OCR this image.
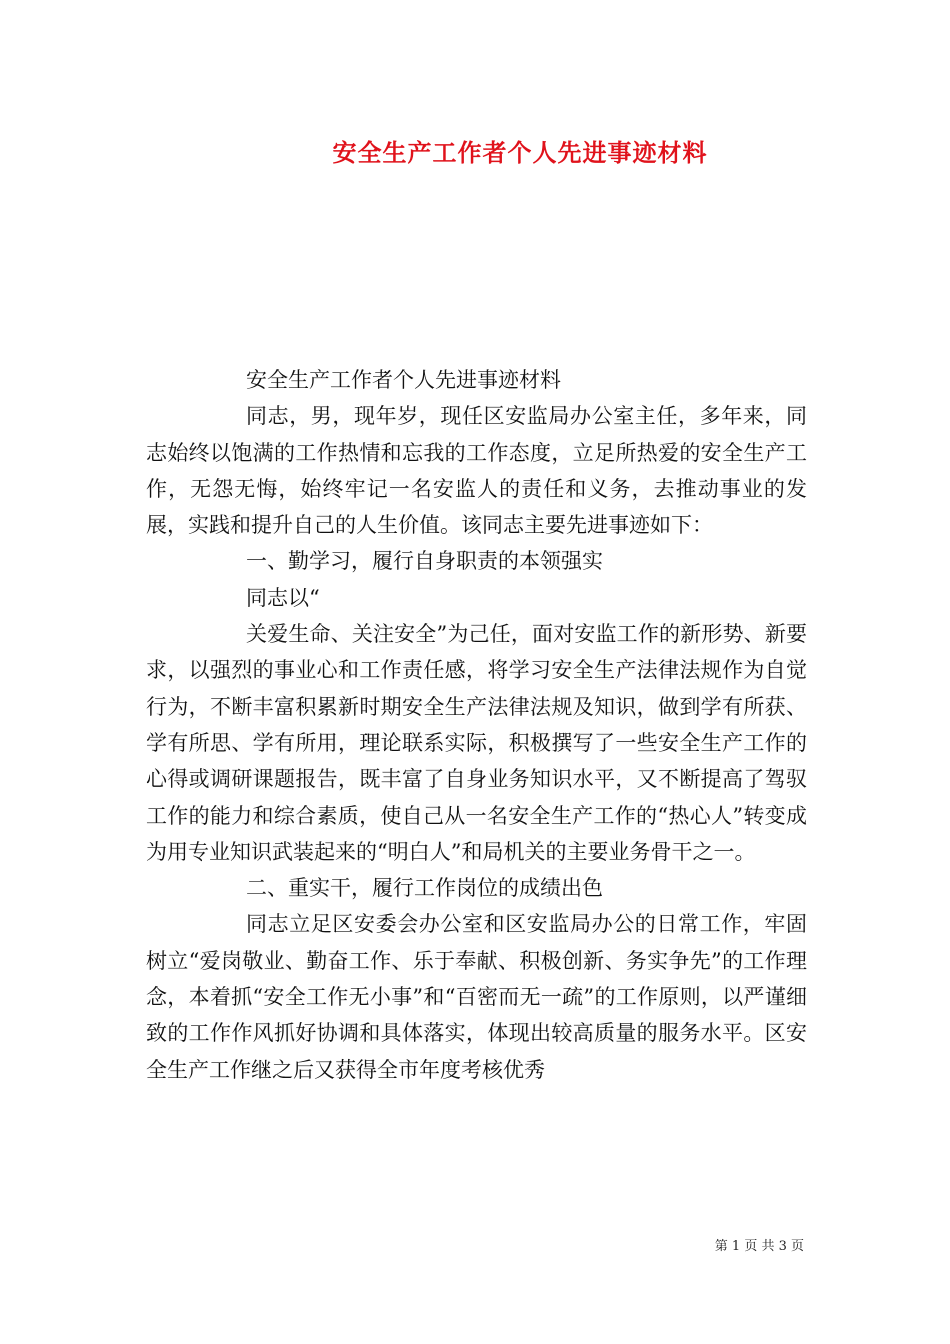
安全生产工作者个人先进事迹材料

安全生产工作者个人先进事迹材料

同志，男，现年岁，现任区安监局办公室主任，多年来，同志始终以饱满的工作热情和忘我的工作态度，立足所热爱的安全生产工作，无怨无悔，始终牢记一名安监人的责任和义务，去推动事业的发展，实践和提升自己的人生价值。该同志主要先进事迹如下：

一、勤学习，履行自身职责的本领强实

同志以“

关爱生命、关注安全”为己任，面对安监工作的新形势、新要求，以强烈的事业心和工作责任感，将学习安全生产法律法规作为自觉行为，不断丰富积累新时期安全生产法律法规及知识，做到学有所获、学有所思、学有所用，理论联系实际，积极撰写了一些安全生产工作的心得或调研课题报告，既丰富了自身业务知识水平，又不断提高了驾驭工作的能力和综合素质，使自己从一名安全生产工作的“热心人”转变成为用专业知识武装起来的“明白人”和局机关的主要业务骨干之一。

二、重实干，履行工作岗位的成绩出色

同志立足区安委会办公室和区安监局办公的日常工作，牢固树立“爱岗敬业、勤奋工作、乐于奉献、积极创新、务实争先”的工作理念，本着抓“安全工作无小事”和“百密而无一疏”的工作原则，以严谨细致的工作作风抓好协调和具体落实，体现出较高质量的服务水平。区安全生产工作继之后又获得全市年度考核优秀

第 1 页 共 3 页
